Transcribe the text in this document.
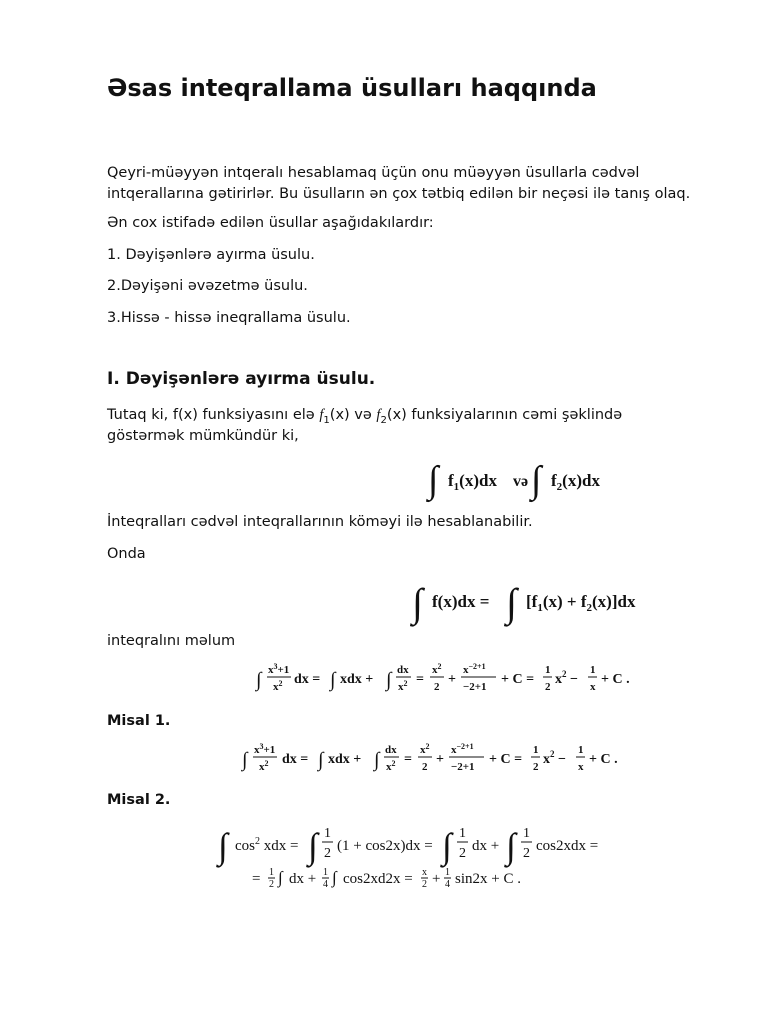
Əsas inteqrallama üsulları haqqında

Qeyri-müəyyən intqeralı hesablamaq üçün onu müəyyən üsullarla cədvəl

intqerallarına gətirirlər. Bu üsulların ən çox tətbiq edilən bir neçəsi ilə tanış olaq.

Ən cox istifadə edilən üsullar aşağıdakılardır:

1. Dəyişənlərə ayırma üsulu.

2.Dəyişəni əvəzetmə üsulu.

3.Hissə - hissə ineqrallama üsulu.

I. Dəyişənlərə ayırma üsulu.

Tutaq ki, f(x) funksiyasını elə $f_1(x)$ və $f_2(x)$ funksiyalarının cəmi şəklində

göstərmək mümkündür ki,

∫ $f_1(x)dx$ və ∫ $f_2(x)dx$

İnteqralları cədvəl inteqrallarının köməyi ilə hesablanabilir.

Onda

∫ f(x)dx = ∫ $[f_1(x) + f_2(x)]dx$

inteqralını məlum

∫ $x^3+1$
$x^2$ dx = ∫ xdx + ∫ dx
$x^2$ =
$x^2$
2 +
$x^{-2+1}$
−2+1 + C =
1
2 $x^2$ −
1
x + C .

Misal 1.

∫ $x^3+1$
$x^2$ dx = ∫ xdx + ∫ dx
$x^2$ =
$x^2$
2 +
$x^{-2+1}$
−2+1 + C =
1
2 $x^2$ −
1
x + C .

Misal 2.

∫ $\cos^2$ xdx = ∫ 1
2 (1 + cos2x)dx = ∫ 1
2 dx + ∫ 1
2 cos2xdx =
= 1
2 ∫ dx + 1
4 ∫ cos2xd2x = x
2 + 1
4 sin2x + C .
